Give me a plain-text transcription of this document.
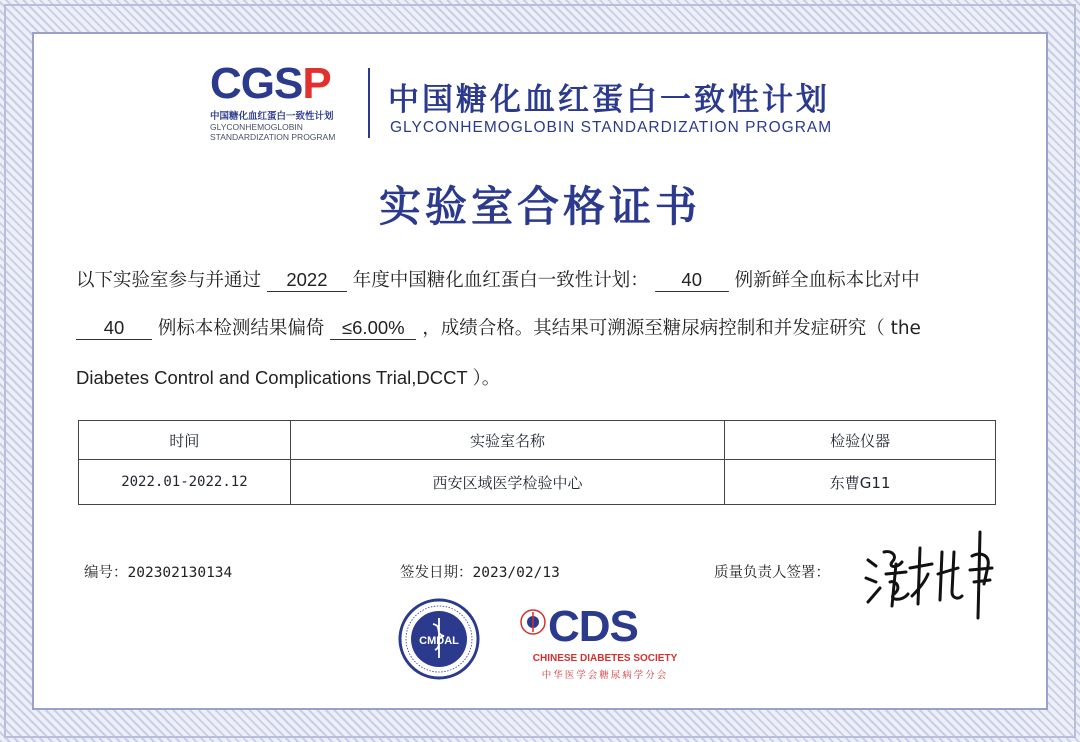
CGSP
中国糖化血红蛋白一致性计划
GLYCONHEMOGLOBIN
STANDARDIZATION PROGRAM
中国糖化血红蛋白一致性计划
GLYCONHEMOGLOBIN STANDARDIZATION PROGRAM
实验室合格证书
以下实验室参与并通过 2022 年度中国糖化血红蛋白一致性计划： 40 例新鲜全血标本比对中
40 例标本检测结果偏倚 ≤6.00% ，成绩合格。其结果可溯源至糖尿病控制和并发症研究（ the
Diabetes Control and Complications Trial,DCCT ）。
时间	实验室名称	检验仪器
2022.01-2022.12	西安区域医学检验中心	东曹G11
编号：202302130134	签发日期：2023/02/13	质量负责人签署：
CMDAL CDS
CHINESE DIABETES SOCIETY
中华医学会糖尿病学分会
